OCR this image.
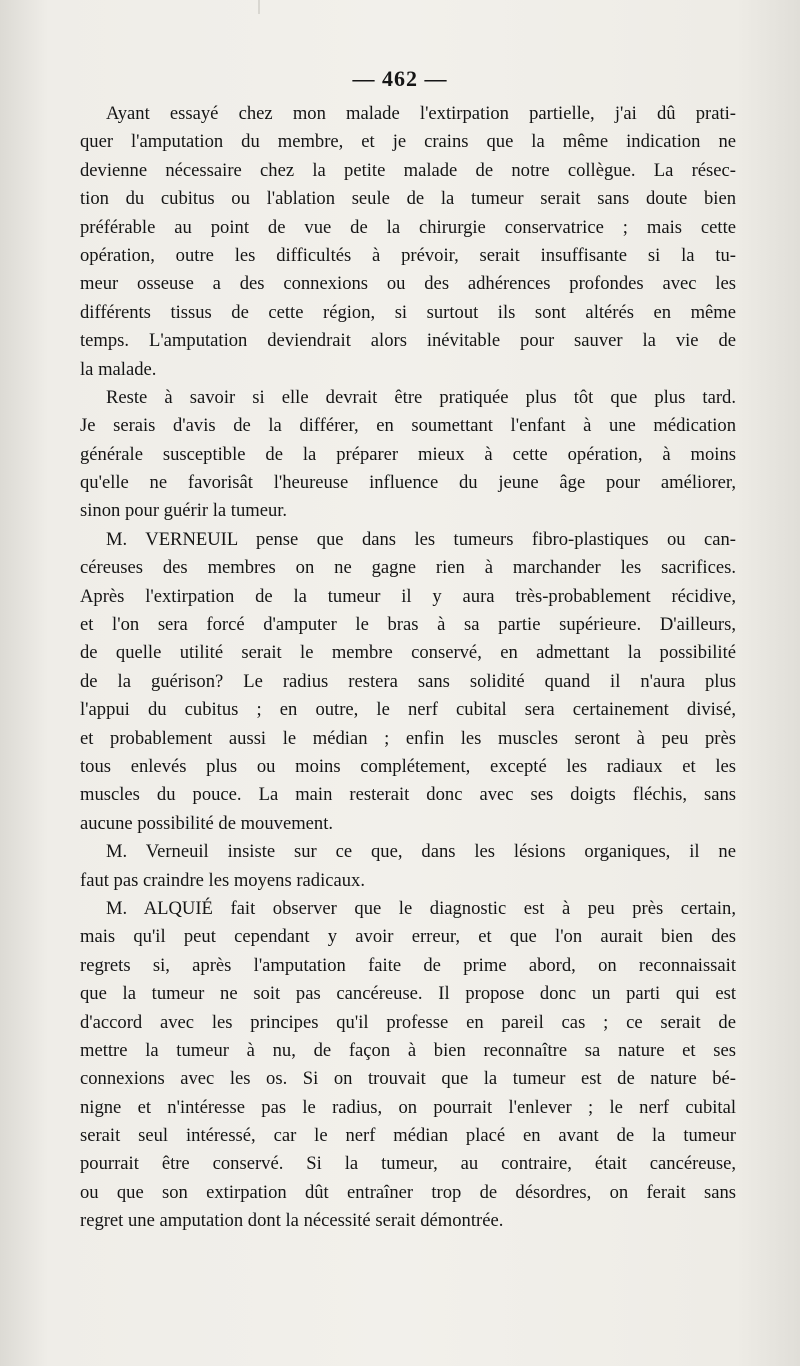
— 462 —
Ayant essayé chez mon malade l'extirpation partielle, j'ai dû prati-
quer l'amputation du membre, et je crains que la même indication ne
devienne nécessaire chez la petite malade de notre collègue. La résec-
tion du cubitus ou l'ablation seule de la tumeur serait sans doute bien
préférable au point de vue de la chirurgie conservatrice ; mais cette
opération, outre les difficultés à prévoir, serait insuffisante si la tu-
meur osseuse a des connexions ou des adhérences profondes avec les
différents tissus de cette région, si surtout ils sont altérés en même
temps. L'amputation deviendrait alors inévitable pour sauver la vie de
la malade.
Reste à savoir si elle devrait être pratiquée plus tôt que plus tard.
Je serais d'avis de la différer, en soumettant l'enfant à une médication
générale susceptible de la préparer mieux à cette opération, à moins
qu'elle ne favorisât l'heureuse influence du jeune âge pour améliorer,
sinon pour guérir la tumeur.
M. VERNEUIL pense que dans les tumeurs fibro-plastiques ou can-
céreuses des membres on ne gagne rien à marchander les sacrifices.
Après l'extirpation de la tumeur il y aura très-probablement récidive,
et l'on sera forcé d'amputer le bras à sa partie supérieure. D'ailleurs,
de quelle utilité serait le membre conservé, en admettant la possibilité
de la guérison? Le radius restera sans solidité quand il n'aura plus
l'appui du cubitus ; en outre, le nerf cubital sera certainement divisé,
et probablement aussi le médian ; enfin les muscles seront à peu près
tous enlevés plus ou moins complétement, excepté les radiaux et les
muscles du pouce. La main resterait donc avec ses doigts fléchis, sans
aucune possibilité de mouvement.
M. Verneuil insiste sur ce que, dans les lésions organiques, il ne
faut pas craindre les moyens radicaux.
M. ALQUIÉ fait observer que le diagnostic est à peu près certain,
mais qu'il peut cependant y avoir erreur, et que l'on aurait bien des
regrets si, après l'amputation faite de prime abord, on reconnaissait
que la tumeur ne soit pas cancéreuse. Il propose donc un parti qui est
d'accord avec les principes qu'il professe en pareil cas ; ce serait de
mettre la tumeur à nu, de façon à bien reconnaître sa nature et ses
connexions avec les os. Si on trouvait que la tumeur est de nature bé-
nigne et n'intéresse pas le radius, on pourrait l'enlever ; le nerf cubital
serait seul intéressé, car le nerf médian placé en avant de la tumeur
pourrait être conservé. Si la tumeur, au contraire, était cancéreuse,
ou que son extirpation dût entraîner trop de désordres, on ferait sans
regret une amputation dont la nécessité serait démontrée.
